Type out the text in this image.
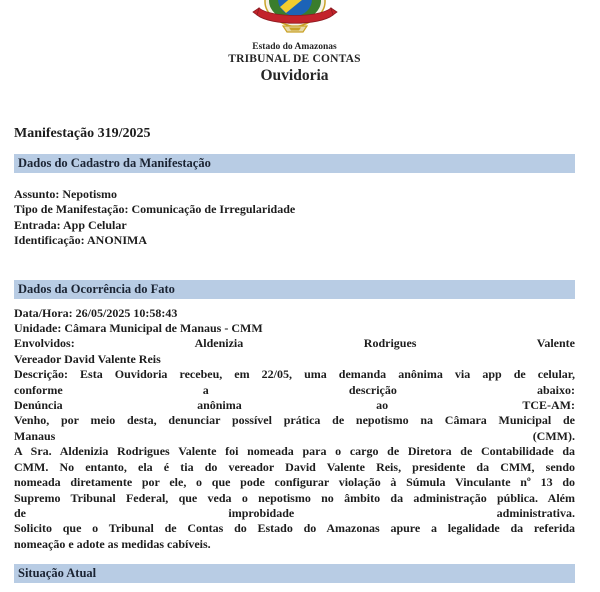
Estado do Amazonas
TRIBUNAL DE CONTAS
Ouvidoria
Manifestação 319/2025
Dados do Cadastro da Manifestação
Assunto: Nepotismo
Tipo de Manifestação: Comunicação de Irregularidade
Entrada: App Celular
Identificação: ANONIMA
Dados da Ocorrência do Fato
Data/Hora: 26/05/2025 10:58:43
Unidade: Câmara Municipal de Manaus - CMM
Envolvidos: Aldenizia Rodrigues Valente
Vereador David Valente Reis
Descrição: Esta Ouvidoria recebeu, em 22/05, uma demanda anônima via app de celular,
conforme a descrição abaixo:
Denúncia anônima ao TCE-AM:
Venho, por meio desta, denunciar possível prática de nepotismo na Câmara Municipal de
Manaus (CMM).
A Sra. Aldenizia Rodrigues Valente foi nomeada para o cargo de Diretora de Contabilidade da
CMM. No entanto, ela é tia do vereador David Valente Reis, presidente da CMM, sendo
nomeada diretamente por ele, o que pode configurar violação à Súmula Vinculante nº 13 do
Supremo Tribunal Federal, que veda o nepotismo no âmbito da administração pública. Além
de improbidade administrativa.
Solicito que o Tribunal de Contas do Estado do Amazonas apure a legalidade da referida
nomeação e adote as medidas cabíveis.
Situação Atual
